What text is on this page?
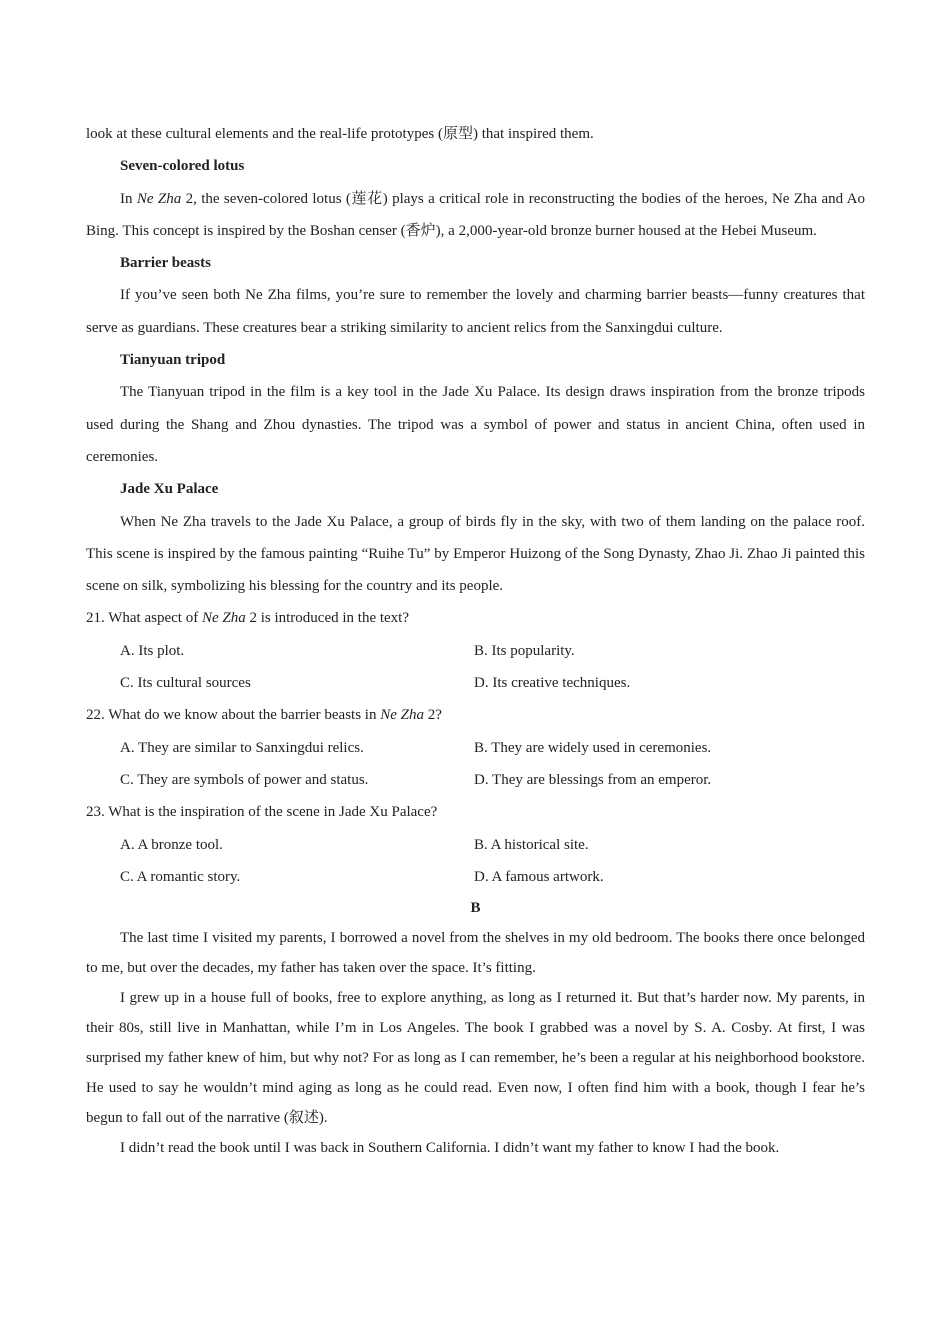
look at these cultural elements and the real-life prototypes (原型) that inspired them.

Seven-colored lotus

In Ne Zha 2, the seven-colored lotus (莲花) plays a critical role in reconstructing the bodies of the heroes, Ne Zha and Ao Bing. This concept is inspired by the Boshan censer (香炉), a 2,000-year-old bronze burner housed at the Hebei Museum.

Barrier beasts

If you’ve seen both Ne Zha films, you’re sure to remember the lovely and charming barrier beasts—funny creatures that serve as guardians. These creatures bear a striking similarity to ancient relics from the Sanxingdui culture.

Tianyuan tripod

The Tianyuan tripod in the film is a key tool in the Jade Xu Palace. Its design draws inspiration from the bronze tripods used during the Shang and Zhou dynasties. The tripod was a symbol of power and status in ancient China, often used in ceremonies.

Jade Xu Palace

When Ne Zha travels to the Jade Xu Palace, a group of birds fly in the sky, with two of them landing on the palace roof. This scene is inspired by the famous painting “Ruihe Tu” by Emperor Huizong of the Song Dynasty, Zhao Ji. Zhao Ji painted this scene on silk, symbolizing his blessing for the country and its people.

21. What aspect of Ne Zha 2 is introduced in the text?

A. Its plot.	B. Its popularity.
C. Its cultural sources	D. Its creative techniques.

22. What do we know about the barrier beasts in Ne Zha 2?

A. They are similar to Sanxingdui relics.	B. They are widely used in ceremonies.
C. They are symbols of power and status.	D. They are blessings from an emperor.

23. What is the inspiration of the scene in Jade Xu Palace?

A. A bronze tool.	B. A historical site.
C. A romantic story.	D. A famous artwork.
B

The last time I visited my parents, I borrowed a novel from the shelves in my old bedroom. The books there once belonged to me, but over the decades, my father has taken over the space. It’s fitting.

I grew up in a house full of books, free to explore anything, as long as I returned it. But that’s harder now. My parents, in their 80s, still live in Manhattan, while I’m in Los Angeles. The book I grabbed was a novel by S. A. Cosby. At first, I was surprised my father knew of him, but why not? For as long as I can remember, he’s been a regular at his neighborhood bookstore. He used to say he wouldn’t mind aging as long as he could read. Even now, I often find him with a book, though I fear he’s begun to fall out of the narrative (叙述).

I didn’t read the book until I was back in Southern California. I didn’t want my father to know I had the book.
